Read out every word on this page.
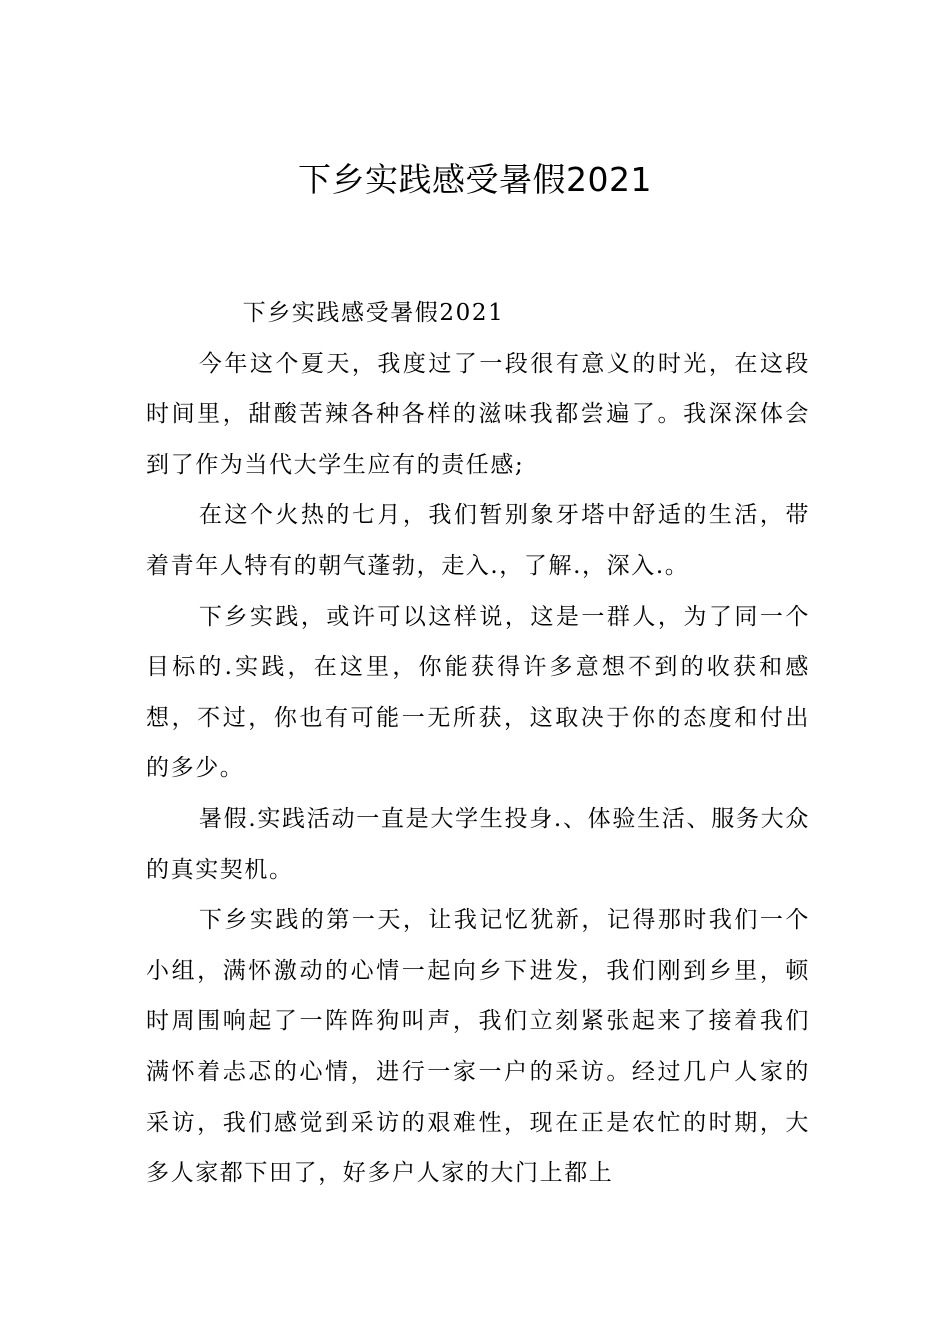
下乡实践感受暑假2021

下乡实践感受暑假2021

今年这个夏天，我度过了一段很有意义的时光，在这段时间里，甜酸苦辣各种各样的滋味我都尝遍了。我深深体会到了作为当代大学生应有的责任感;

在这个火热的七月，我们暂别象牙塔中舒适的生活，带着青年人特有的朝气蓬勃，走入.，了解.，深入.。

下乡实践，或许可以这样说，这是一群人，为了同一个目标的.实践，在这里，你能获得许多意想不到的收获和感想，不过，你也有可能一无所获，这取决于你的态度和付出的多少。

暑假.实践活动一直是大学生投身.、体验生活、服务大众的真实契机。

下乡实践的第一天，让我记忆犹新，记得那时我们一个小组，满怀激动的心情一起向乡下进发，我们刚到乡里，顿时周围响起了一阵阵狗叫声，我们立刻紧张起来了接着我们满怀着忐忑的心情，进行一家一户的采访。经过几户人家的采访，我们感觉到采访的艰难性，现在正是农忙的时期，大多人家都下田了，好多户人家的大门上都上
